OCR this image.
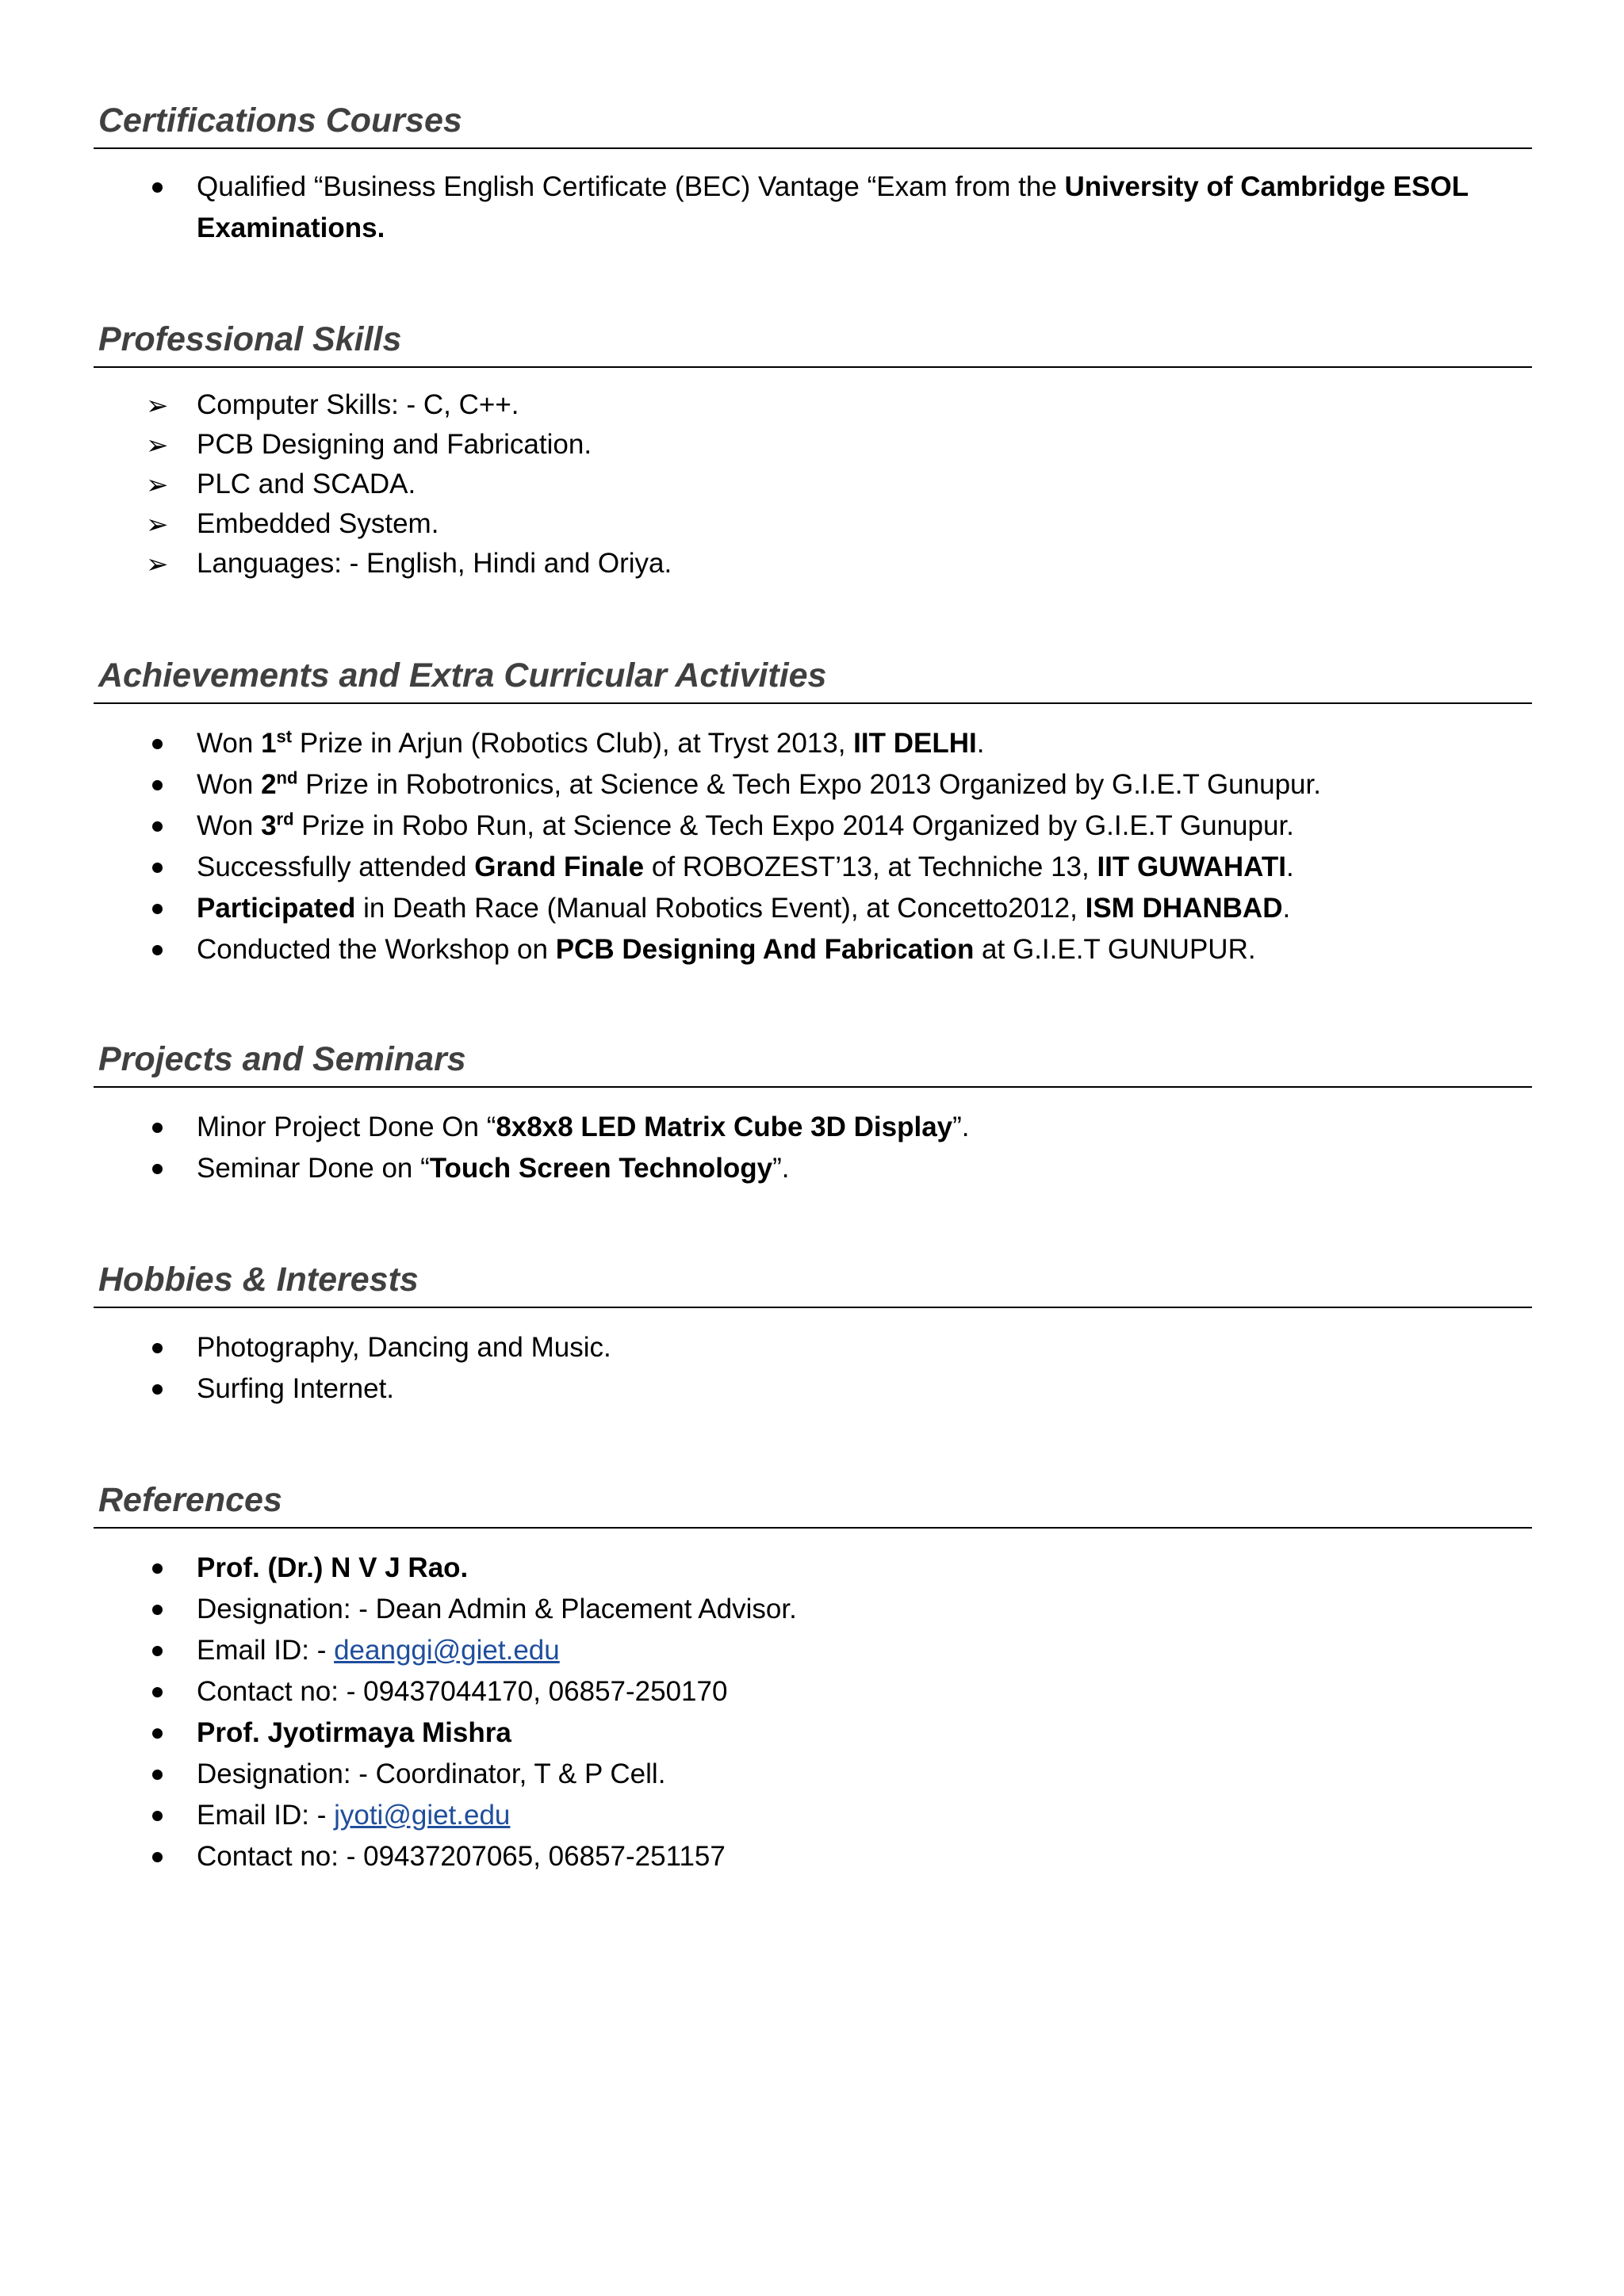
Certifications Courses
Qualified “Business English Certificate (BEC) Vantage “Exam from the University of Cambridge ESOL Examinations.
Professional Skills
➢ Computer Skills: - C, C++.
➢ PCB Designing and Fabrication.
➢ PLC and SCADA.
➢ Embedded System.
➢ Languages: - English, Hindi and Oriya.
Achievements and Extra Curricular Activities
Won 1st Prize in Arjun (Robotics Club), at Tryst 2013, IIT DELHI.
Won 2nd Prize in Robotronics, at Science & Tech Expo 2013 Organized by G.I.E.T Gunupur.
Won 3rd Prize in Robo Run, at Science & Tech Expo 2014 Organized by G.I.E.T Gunupur.
Successfully attended Grand Finale of ROBOZEST’13, at Techniche 13, IIT GUWAHATI.
Participated in Death Race (Manual Robotics Event), at Concetto2012, ISM DHANBAD.
Conducted the Workshop on PCB Designing And Fabrication at G.I.E.T GUNUPUR.
Projects and Seminars
Minor Project Done On “8x8x8 LED Matrix Cube 3D Display”.
Seminar Done on “Touch Screen Technology”.
Hobbies & Interests
Photography, Dancing and Music.
Surfing Internet.
References
Prof. (Dr.) N V J Rao.
Designation: - Dean Admin & Placement Advisor.
Email ID: - deanggi@giet.edu
Contact no: - 09437044170, 06857-250170
Prof. Jyotirmaya Mishra
Designation: - Coordinator, T & P Cell.
Email ID: - jyoti@giet.edu
Contact no: - 09437207065, 06857-251157
